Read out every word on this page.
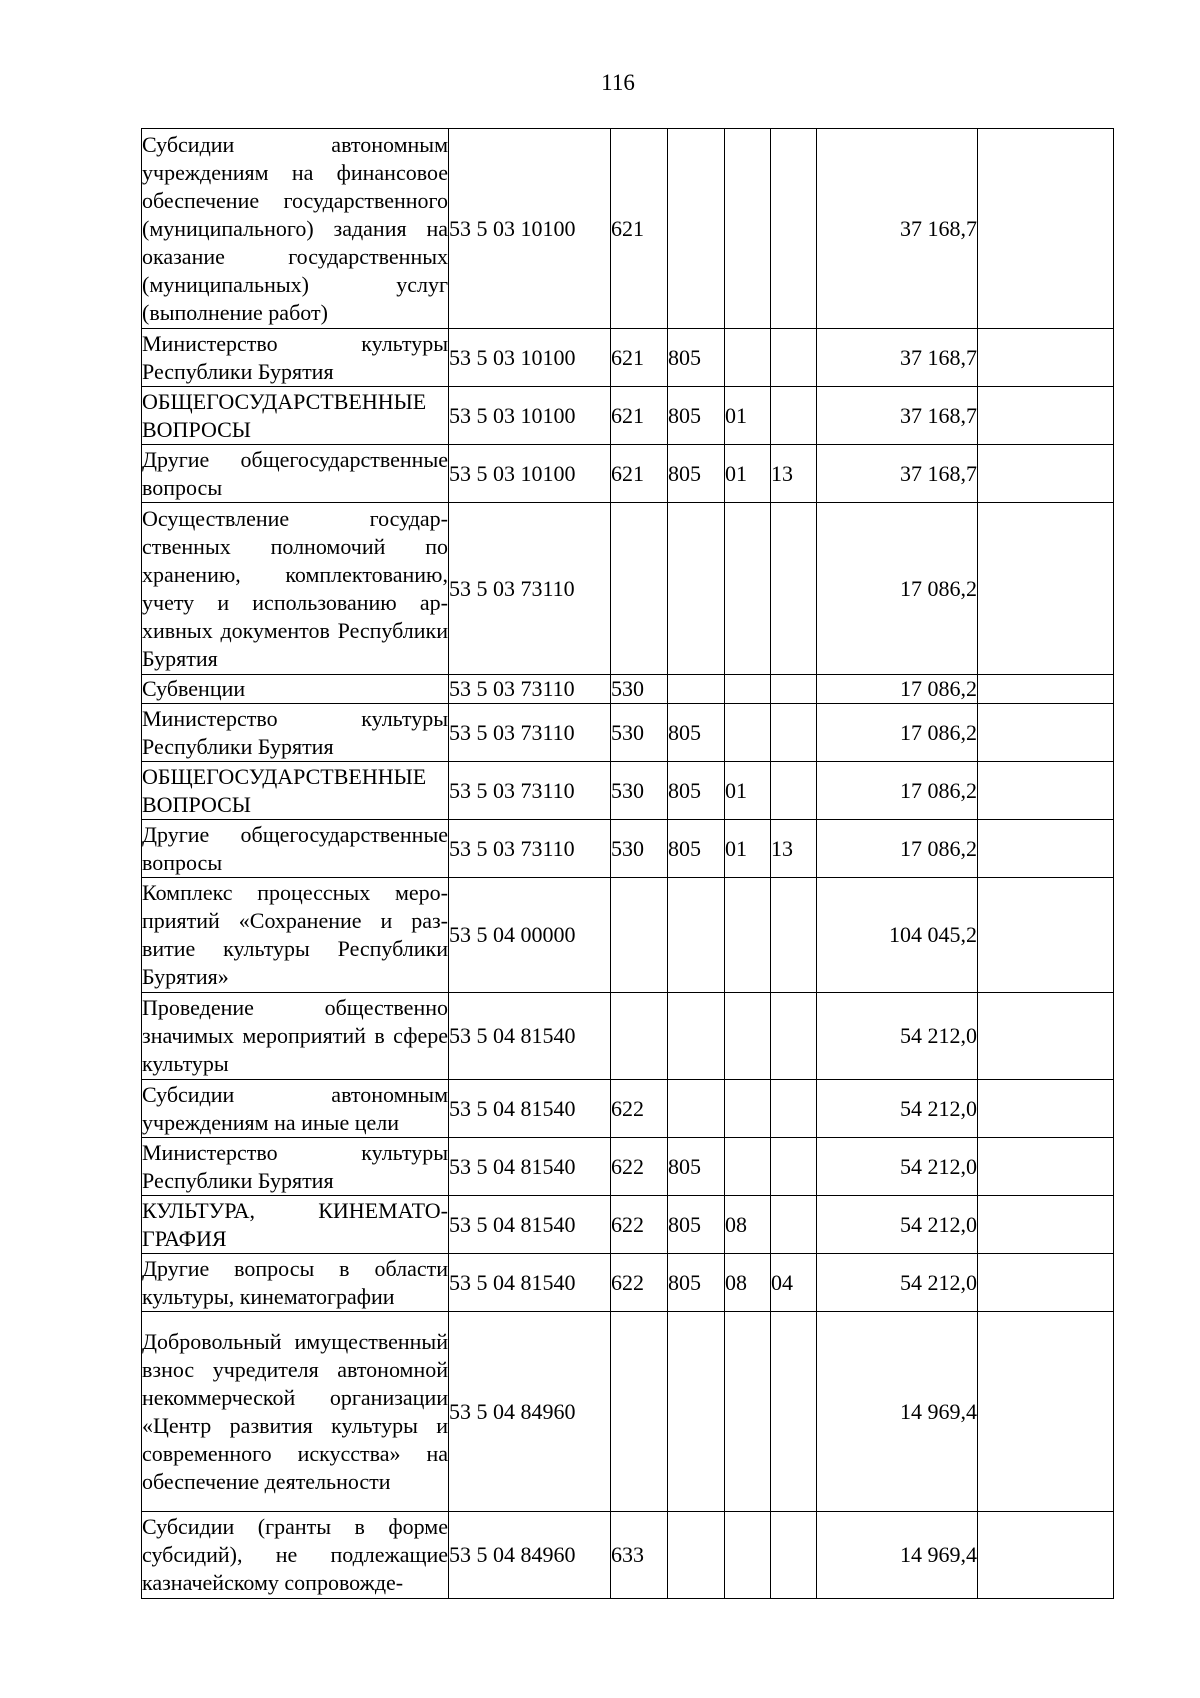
116
Субсидии автономным учреждениям на финансовое обеспечение государственного (муниципального) задания на оказание государственных (муниципальных) услуг (выполнение работ)	53 5 03 10100	621				37 168,7	
Министерство культуры Республики Бурятия	53 5 03 10100	621	805			37 168,7	
ОБЩЕГОСУДАРСТВЕННЫЕ ВОПРОСЫ	53 5 03 10100	621	805	01		37 168,7	
Другие общегосударственные вопросы	53 5 03 10100	621	805	01	13	37 168,7	
Осуществление государственных полномочий по хранению, комплектованию, учету и использованию архивных документов Республики Бурятия	53 5 03 73110					17 086,2	
Субвенции	53 5 03 73110	530				17 086,2	
Министерство культуры Республики Бурятия	53 5 03 73110	530	805			17 086,2	
ОБЩЕГОСУДАРСТВЕННЫЕ ВОПРОСЫ	53 5 03 73110	530	805	01		17 086,2	
Другие общегосударственные вопросы	53 5 03 73110	530	805	01	13	17 086,2	
Комплекс процессных мероприятий «Сохранение и развитие культуры Республики Бурятия»	53 5 04 00000					104 045,2	
Проведение общественно значимых мероприятий в сфере культуры	53 5 04 81540					54 212,0	
Субсидии автономным учреждениям на иные цели	53 5 04 81540	622				54 212,0	
Министерство культуры Республики Бурятия	53 5 04 81540	622	805			54 212,0	
КУЛЬТУРА, КИНЕМАТОГРАФИЯ	53 5 04 81540	622	805	08		54 212,0	
Другие вопросы в области культуры, кинематографии	53 5 04 81540	622	805	08	04	54 212,0	
Добровольный имущественный взнос учредителя автономной некоммерческой организации «Центр развития культуры и современного искусства» на обеспечение деятельности	53 5 04 84960					14 969,4	
Субсидии (гранты в форме субсидий), не подлежащие казначейскому сопровожде-	53 5 04 84960	633				14 969,4	
